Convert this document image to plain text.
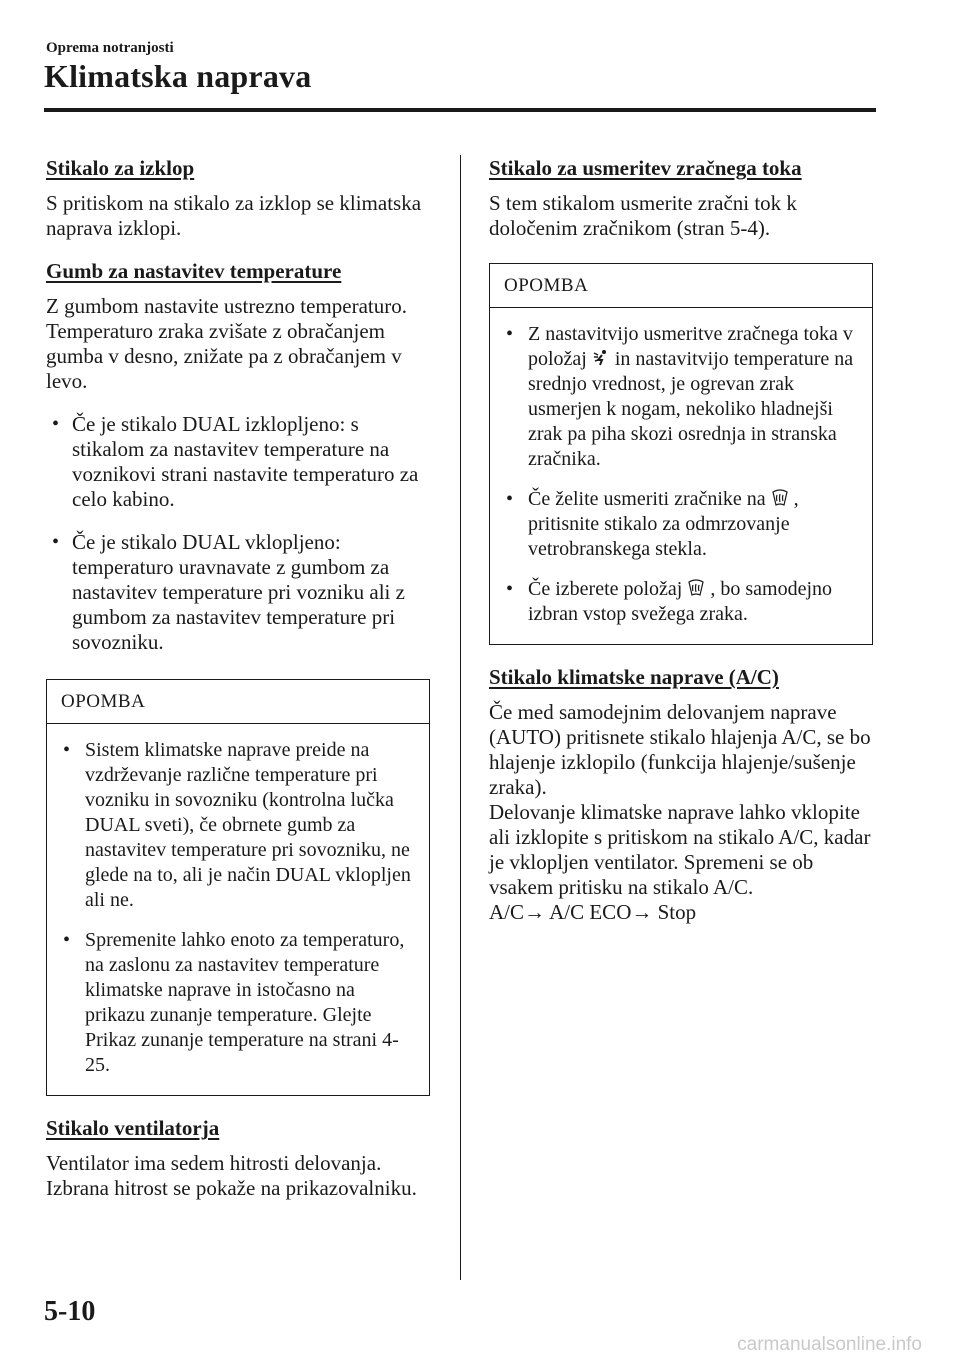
Oprema notranjosti
Klimatska naprava
Stikalo za izklop

S pritiskom na stikalo za izklop se klimatska naprava izklopi.

Gumb za nastavitev temperature

Z gumbom nastavite ustrezno temperaturo. Temperaturo zraka zvišate z obračanjem gumba v desno, znižate pa z obračanjem v levo.

• Če je stikalo DUAL izklopljeno: s stikalom za nastavitev temperature na voznikovi strani nastavite temperaturo za celo kabino.
• Če je stikalo DUAL vklopljeno: temperaturo uravnavate z gumbom za nastavitev temperature pri vozniku ali z gumbom za nastavitev temperature pri sovozniku.
OPOMBA
• Sistem klimatske naprave preide na vzdrževanje različne temperature pri vozniku in sovozniku (kontrolna lučka DUAL sveti), če obrnete gumb za nastavitev temperature pri sovozniku, ne glede na to, ali je način DUAL vklopljen ali ne.
• Spremenite lahko enoto za temperaturo, na zaslonu za nastavitev temperature klimatske naprave in istočasno na prikazu zunanje temperature. Glejte Prikaz zunanje temperature na strani 4-25.
Stikalo ventilatorja

Ventilator ima sedem hitrosti delovanja. Izbrana hitrost se pokaže na prikazovalniku.

Stikalo za usmeritev zračnega toka

S tem stikalom usmerite zračni tok k določenim zračnikom (stran 5-4).

OPOMBA
• Z nastavitvijo usmeritve zračnega toka v položaj in nastavitvijo temperature na srednjo vrednost, je ogrevan zrak usmerjen k nogam, nekoliko hladnejši zrak pa piha skozi osrednja in stranska zračnika.
• Če želite usmeriti zračnike na , pritisnite stikalo za odmrzovanje vetrobranskega stekla.
• Če izberete položaj , bo samodejno izbran vstop svežega zraka.
Stikalo klimatske naprave (A/C)

Če med samodejnim delovanjem naprave (AUTO) pritisnete stikalo hlajenja A/C, se bo hlajenje izklopilo (funkcija hlajenje/sušenje zraka).

Delovanje klimatske naprave lahko vklopite ali izklopite s pritiskom na stikalo A/C, kadar je vklopljen ventilator. Spremeni se ob vsakem pritisku na stikalo A/C.

A/C→ A/C ECO→ Stop

5-10
carmanualsonline.info
